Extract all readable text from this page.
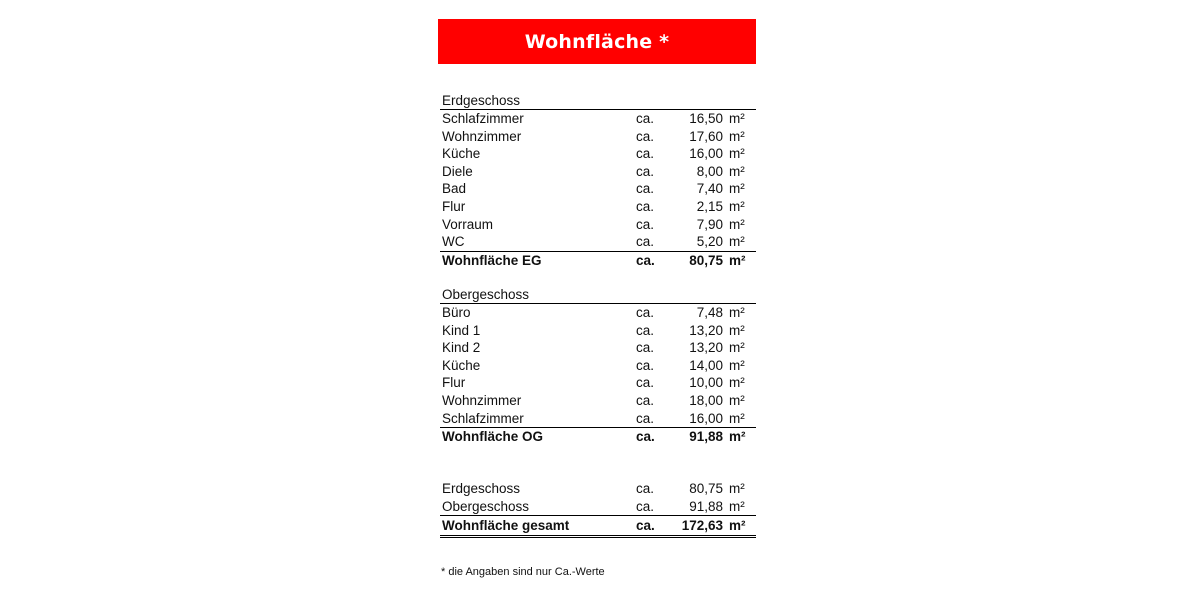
Wohnfläche *
Erdgeschoss
Schlafzimmer	ca.	16,50 m²
Wohnzimmer	ca.	17,60 m²
Küche	ca.	16,00 m²
Diele	ca.	8,00 m²
Bad	ca.	7,40 m²
Flur	ca.	2,15 m²
Vorraum	ca.	7,90 m²
WC	ca.	5,20 m²
Wohnfläche EG	ca.	80,75 m²
Obergeschoss
Büro	ca.	7,48 m²
Kind 1	ca.	13,20 m²
Kind 2	ca.	13,20 m²
Küche	ca.	14,00 m²
Flur	ca.	10,00 m²
Wohnzimmer	ca.	18,00 m²
Schlafzimmer	ca.	16,00 m²
Wohnfläche OG	ca.	91,88 m²
Erdgeschoss	ca.	80,75 m²
Obergeschoss	ca.	91,88 m²
Wohnfläche gesamt	ca. 172,63 m²
* die Angaben sind nur Ca.-Werte
